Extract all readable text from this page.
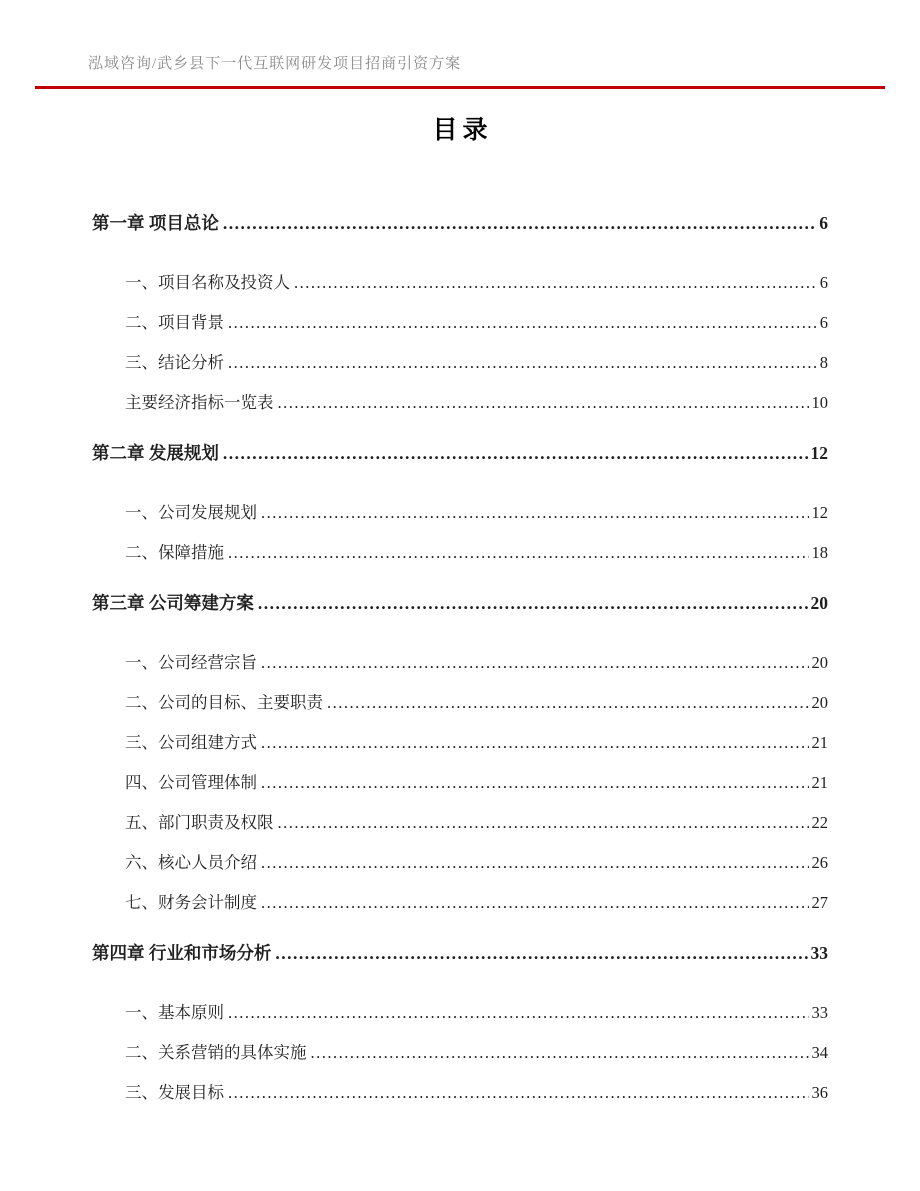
泓域咨询/武乡县下一代互联网研发项目招商引资方案
目录
第一章 项目总论 .....	6
一、项目名称及投资人 .....	6
二、项目背景 .....	6
三、结论分析 .....	8
主要经济指标一览表 .....	10
第二章 发展规划 .....	12
一、公司发展规划 .....	12
二、保障措施 .....	18
第三章 公司筹建方案 .....	20
一、公司经营宗旨 .....	20
二、公司的目标、主要职责 .....	20
三、公司组建方式 .....	21
四、公司管理体制 .....	21
五、部门职责及权限 .....	22
六、核心人员介绍 .....	26
七、财务会计制度 .....	27
第四章 行业和市场分析 .....	33
一、基本原则 .....	33
二、关系营销的具体实施 .....	34
三、发展目标 .....	36
